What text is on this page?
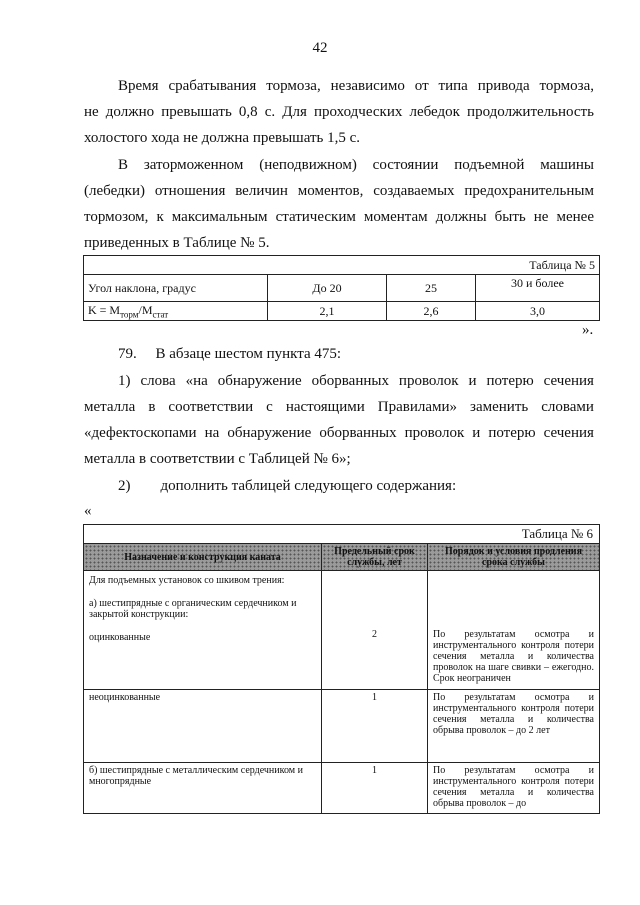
42
Время срабатывания тормоза, независимо от типа привода тормоза,
не должно превышать 0,8 с. Для проходческих лебедок продолжительность
холостого хода не должна превышать 1,5 с.
В заторможенном (неподвижном) состоянии подъемной машины
(лебедки) отношения величин моментов, создаваемых предохранительным
тормозом, к максимальным статическим моментам должны быть не менее
приведенных в Таблице № 5.
Таблица № 5			
Угол наклона, градус	До 20	25	30 и более
$K = M_{торм}/M_{стат}$	2,1	2,6	3,0
».
79.     В абзаце шестом пункта 475:
1) слова «на обнаружение оборванных проволок и потерю сечения
металла в соответствии с настоящими Правилами» заменить словами
«дефектоскопами на обнаружение оборванных проволок и потерю сечения
металла в соответствии с Таблицей № 6»;
2)        дополнить таблицей следующего содержания:
«
Таблица № 6		
Назначение и конструкция каната	Предельный срок службы, лет	Порядок и условия продления срока службы

Для подъемных установок со шкивом трения:
а) шестипрядные с органическим сердечником и закрытой конструкции:
оцинкованные	2	По результатам осмотра и инструментального контроля потери сечения металла и количества проволок на шаге свивки – ежегодно. Срок неограничен
неоцинкованные	1	По результатам осмотра и инструментального контроля потери сечения металла и количества обрыва проволок – до 2 лет
б) шестипрядные с металлическим сердечником и многопрядные	1	По результатам осмотра и инструментального контроля потери сечения металла и количества обрыва проволок – до
